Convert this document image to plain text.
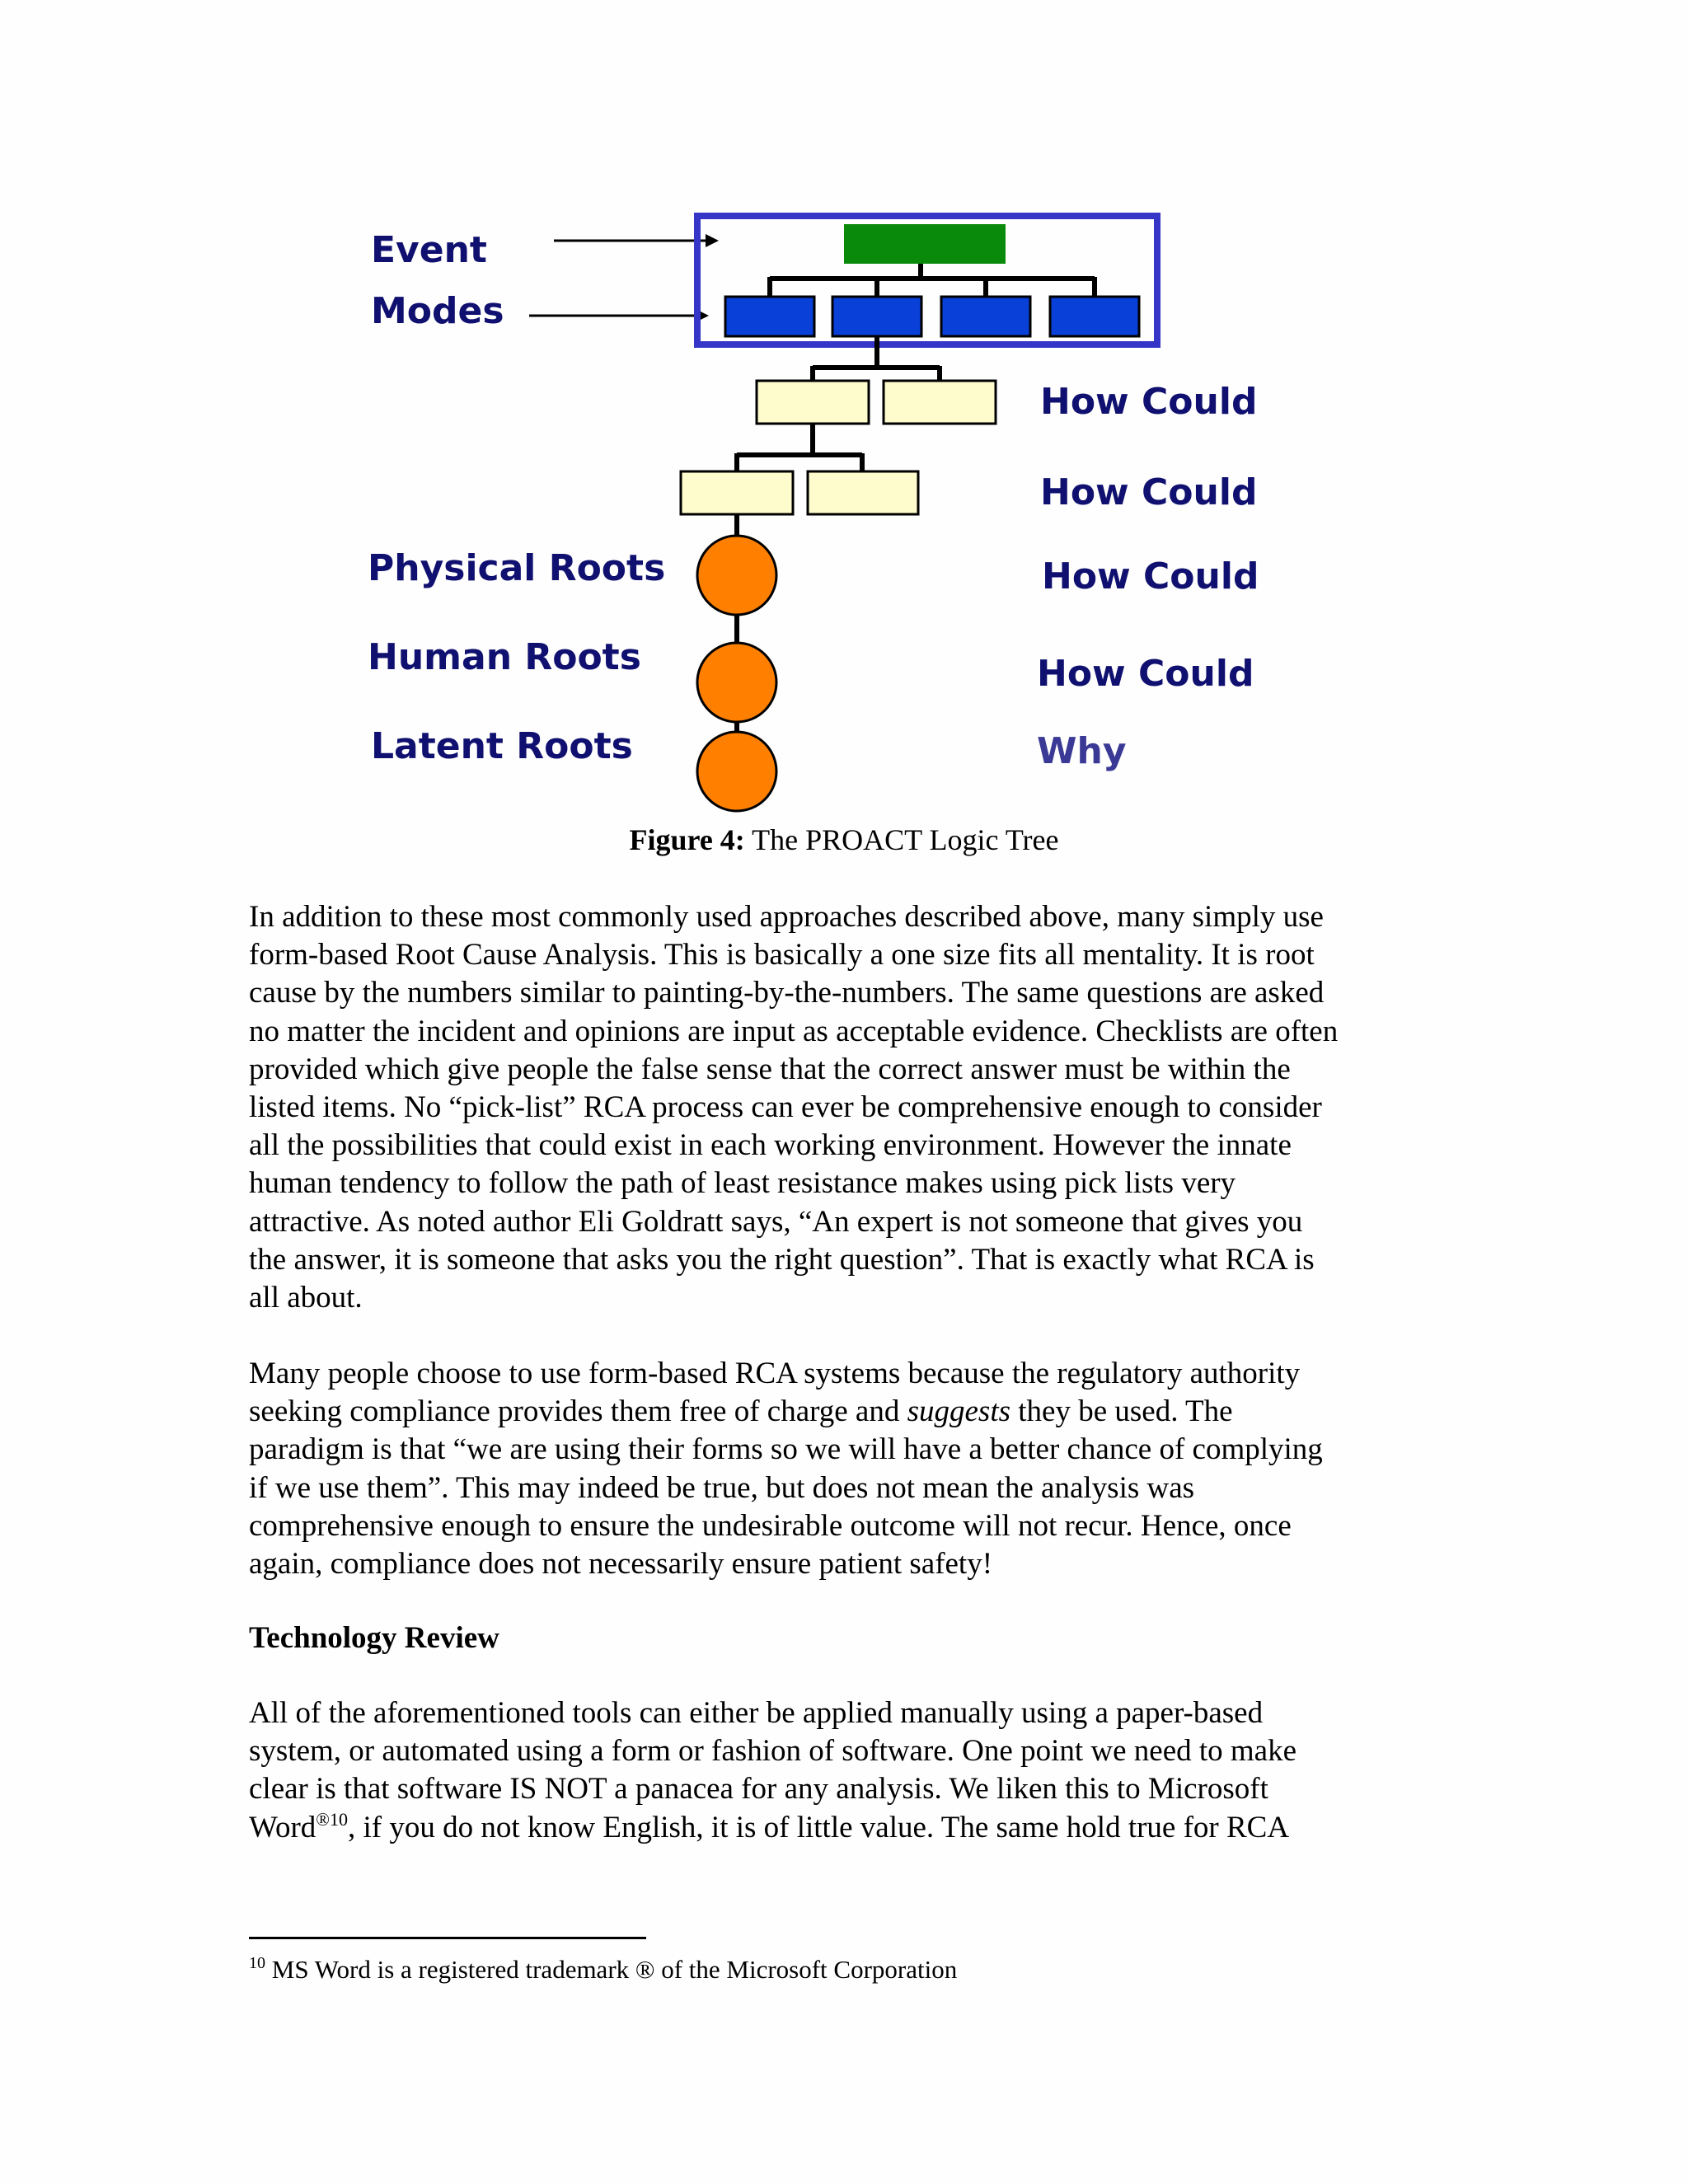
Event
Modes
How Could
How Could
Physical Roots	How Could
Human Roots	How Could
Latent Roots	Why
Figure 4: The PROACT Logic Tree
In addition to these most commonly used approaches described above, many simply use
form-based Root Cause Analysis. This is basically a one size fits all mentality. It is root
cause by the numbers similar to painting-by-the-numbers. The same questions are asked
no matter the incident and opinions are input as acceptable evidence. Checklists are often
provided which give people the false sense that the correct answer must be within the
listed items. No “pick-list” RCA process can ever be comprehensive enough to consider
all the possibilities that could exist in each working environment. However the innate
human tendency to follow the path of least resistance makes using pick lists very
attractive. As noted author Eli Goldratt says, “An expert is not someone that gives you
the answer, it is someone that asks you the right question”. That is exactly what RCA is
all about.
Many people choose to use form-based RCA systems because the regulatory authority
seeking compliance provides them free of charge and suggests they be used. The
paradigm is that “we are using their forms so we will have a better chance of complying
if we use them”. This may indeed be true, but does not mean the analysis was
comprehensive enough to ensure the undesirable outcome will not recur. Hence, once
again, compliance does not necessarily ensure patient safety!
Technology Review
All of the aforementioned tools can either be applied manually using a paper-based
system, or automated using a form or fashion of software. One point we need to make
clear is that software IS NOT a panacea for any analysis. We liken this to Microsoft
Word$^{®10}$, if you do not know English, it is of little value. The same hold true for RCA
$^{10}$ MS Word is a registered trademark ® of the Microsoft Corporation
